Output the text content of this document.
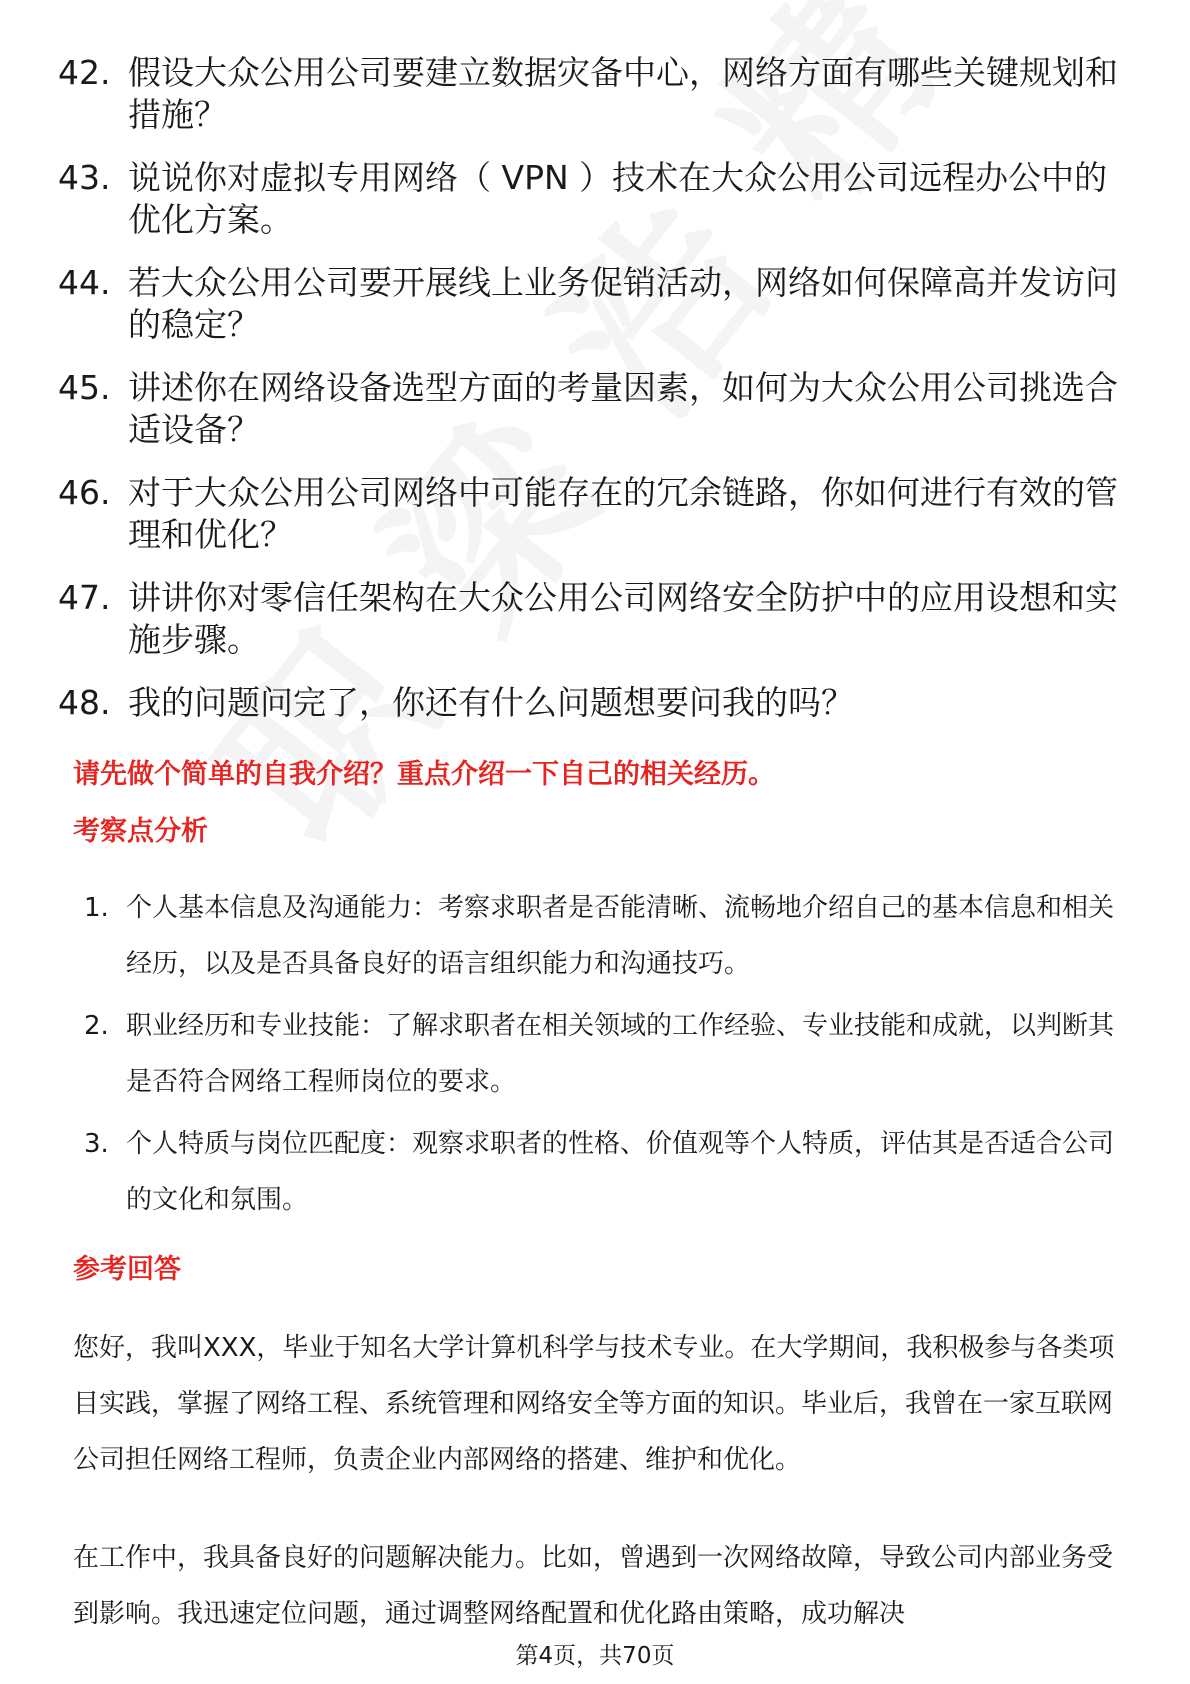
42. 假设大众公用公司要建立数据灾备中心，网络方面有哪些关键规划和措施？
43. 说说你对虚拟专用网络（ VPN ）技术在大众公用公司远程办公中的优化方案。
44. 若大众公用公司要开展线上业务促销活动，网络如何保障高并发访问的稳定？
45. 讲述你在网络设备选型方面的考量因素，如何为大众公用公司挑选合适设备？
46. 对于大众公用公司网络中可能存在的冗余链路，你如何进行有效的管理和优化？
47. 讲讲你对零信任架构在大众公用公司网络安全防护中的应用设想和实施步骤。
48. 我的问题问完了，你还有什么问题想要问我的吗？
请先做个简单的自我介绍？重点介绍一下自己的相关经历。
考察点分析
1. 个人基本信息及沟通能力：考察求职者是否能清晰、流畅地介绍自己的基本信息和相关经历，以及是否具备良好的语言组织能力和沟通技巧。
2. 职业经历和专业技能：了解求职者在相关领域的工作经验、专业技能和成就，以判断其是否符合网络工程师岗位的要求。
3. 个人特质与岗位匹配度：观察求职者的性格、价值观等个人特质，评估其是否适合公司的文化和氛围。
参考回答
您好，我叫XXX，毕业于知名大学计算机科学与技术专业。在大学期间，我积极参与各类项目实践，掌握了网络工程、系统管理和网络安全等方面的知识。毕业后，我曾在一家互联网公司担任网络工程师，负责企业内部网络的搭建、维护和优化。
在工作中，我具备良好的问题解决能力。比如，曾遇到一次网络故障，导致公司内部业务受到影响。我迅速定位问题，通过调整网络配置和优化路由策略，成功解决
第4页，共70页
